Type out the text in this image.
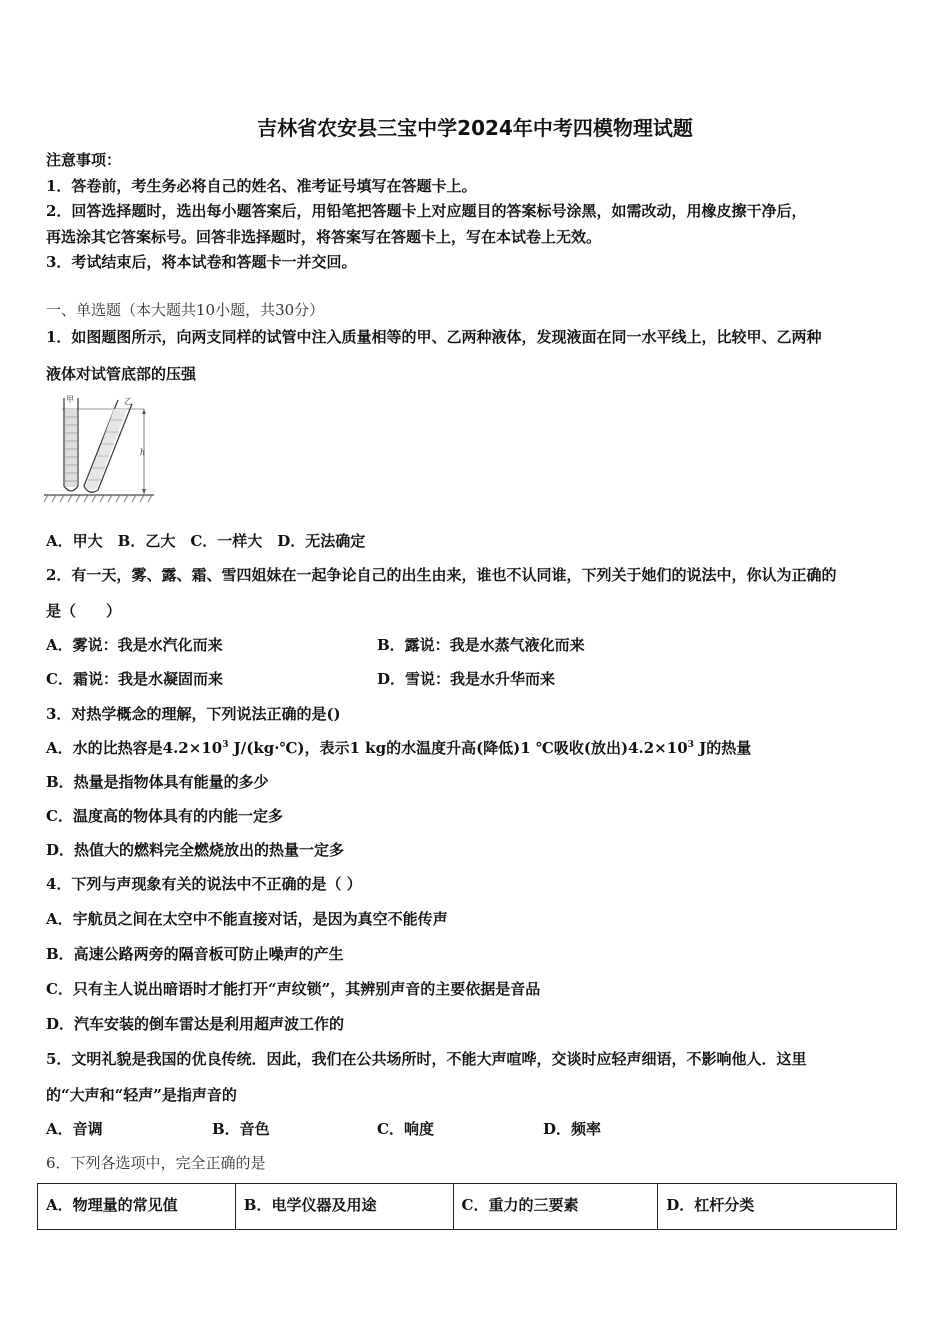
吉林省农安县三宝中学2024年中考四模物理试题
注意事项：
1．答卷前，考生务必将自己的姓名、准考证号填写在答题卡上。
2．回答选择题时，选出每小题答案后，用铅笔把答题卡上对应题目的答案标号涂黑，如需改动，用橡皮擦干净后，
再选涂其它答案标号。回答非选择题时，将答案写在答题卡上，写在本试卷上无效。
3．考试结束后，将本试卷和答题卡一并交回。
一、单选题（本大题共10小题，共30分）
1．如图题图所示，向两支同样的试管中注入质量相等的甲、乙两种液体，发现液面在同一水平线上，比较甲、乙两种
液体对试管底部的压强
甲	乙
h
A．甲大　B．乙大　C．一样大　D．无法确定
2．有一天，雾、露、霜、雪四姐妹在一起争论自己的出生由来，谁也不认同谁，下列关于她们的说法中，你认为正确的
是（　　）
A．雾说：我是水汽化而来	B．露说：我是水蒸气液化而来
C．霜说：我是水凝固而来	D．雪说：我是水升华而来
3．对热学概念的理解，下列说法正确的是()
A．水的比热容是$4.2\times 10^3$ J/(kg·℃)，表示1 kg的水温度升高(降低)1 ℃吸收(放出)$4.2\times 10^3$ J的热量
B．热量是指物体具有能量的多少
C．温度高的物体具有的内能一定多
D．热值大的燃料完全燃烧放出的热量一定多
4．下列与声现象有关的说法中不正确的是（ ）
A．宇航员之间在太空中不能直接对话，是因为真空不能传声
B．高速公路两旁的隔音板可防止噪声的产生
C．只有主人说出暗语时才能打开“声纹锁”，其辨别声音的主要依据是音品
D．汽车安装的倒车雷达是利用超声波工作的
5．文明礼貌是我国的优良传统．因此，我们在公共场所时，不能大声喧哗，交谈时应轻声细语，不影响他人．这里
的“大声和“轻声”是指声音的
A．音调	B．音色	C．响度	D．频率
6．下列各选项中，完全正确的是
A．物理量的常见值	B．电学仪器及用途	C．重力的三要素	D．杠杆分类
